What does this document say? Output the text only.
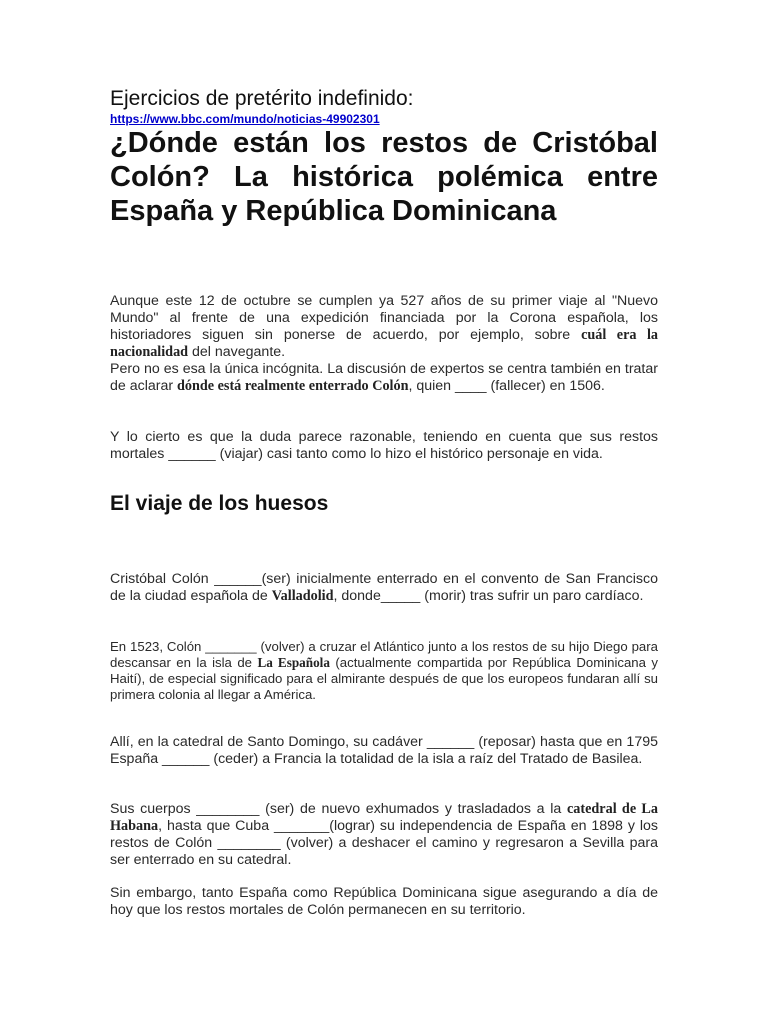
Ejercicios de pretérito indefinido:
https://www.bbc.com/mundo/noticias-49902301
¿Dónde están los restos de Cristóbal
Colón? La histórica polémica entre
España y República Dominicana

Aunque este 12 de octubre se cumplen ya 527 años de su primer viaje al "Nuevo Mundo" al frente de una expedición financiada por la Corona española, los historiadores siguen sin ponerse de acuerdo, por ejemplo, sobre cuál era la nacionalidad del navegante.

Pero no es esa la única incógnita. La discusión de expertos se centra también en tratar de aclarar dónde está realmente enterrado Colón, quien ____ (fallecer) en 1506.

Y lo cierto es que la duda parece razonable, teniendo en cuenta que sus restos mortales ______ (viajar) casi tanto como lo hizo el histórico personaje en vida.

El viaje de los huesos

Cristóbal Colón ______(ser) inicialmente enterrado en el convento de San Francisco de la ciudad española de Valladolid, donde_____ (morir) tras sufrir un paro cardíaco.

En 1523, Colón _______ (volver) a cruzar el Atlántico junto a los restos de su hijo Diego para descansar en la isla de La Española (actualmente compartida por República Dominicana y Haití), de especial significado para el almirante después de que los europeos fundaran allí su primera colonia al llegar a América.

Allí, en la catedral de Santo Domingo, su cadáver ______ (reposar) hasta que en 1795 España ______ (ceder) a Francia la totalidad de la isla a raíz del Tratado de Basilea.

Sus cuerpos ________ (ser) de nuevo exhumados y trasladados a la catedral de La Habana, hasta que Cuba _______(lograr) su independencia de España en 1898 y los restos de Colón ________ (volver) a deshacer el camino y regresaron a Sevilla para ser enterrado en su catedral.

Sin embargo, tanto España como República Dominicana sigue asegurando a día de hoy que los restos mortales de Colón permanecen en su territorio.
